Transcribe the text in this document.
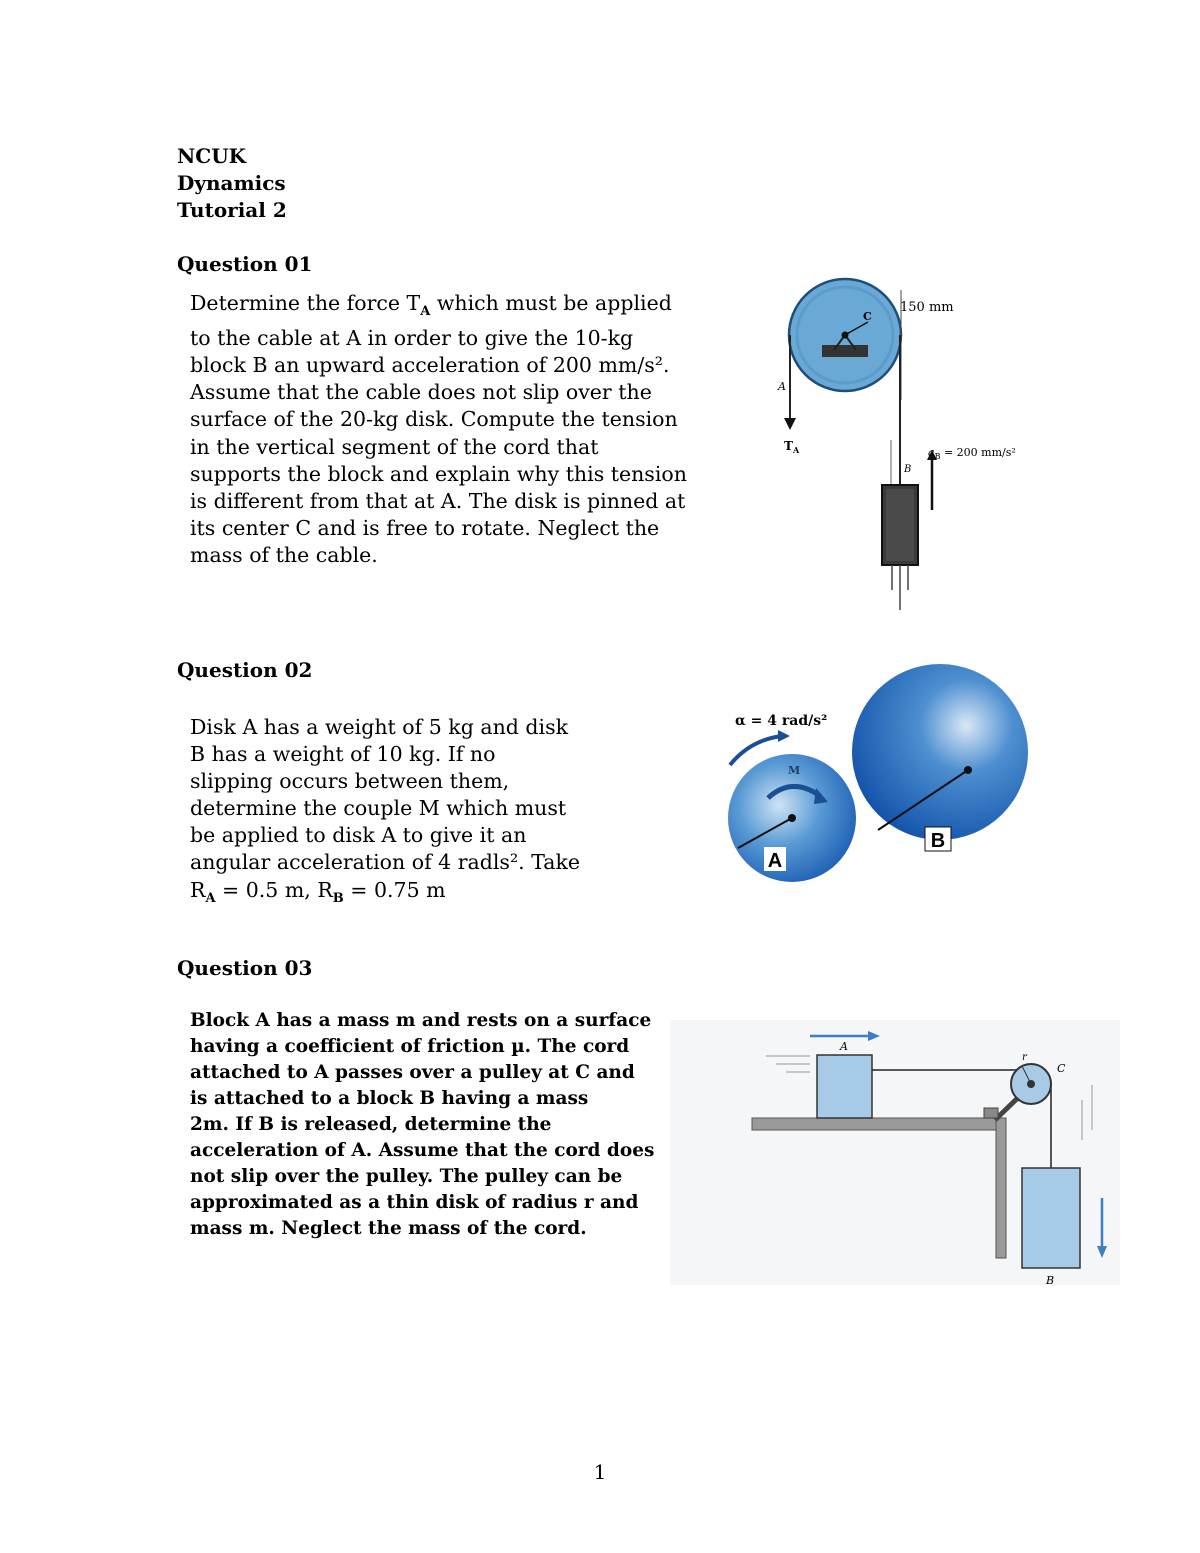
NCUK
Dynamics
Tutorial 2
Question 01
Determine the force $T_A$ which must be applied
to the cable at A in order to give the 10-kg
block B an upward acceleration of 200 mm/s².
Assume that the cable does not slip over the
surface of the 20-kg disk. Compute the tension
in the vertical segment of the cord that
supports the block and explain why this tension
is different from that at A. The disk is pinned at
its center C and is free to rotate. Neglect the
mass of the cable.
C
150 mm
A
$T_A$
B
$a_B = 200$ mm/s²
Question 02
Disk A has a weight of 5 kg and disk
B has a weight of 10 kg. If no
slipping occurs between them,
determine the couple M which must
be applied to disk A to give it an
angular acceleration of 4 radls². Take
$R_A = 0.5$ m, $R_B = 0.75$ m
B
A
M
α = 4 rad/s²
Question 03
Block A has a mass m and rests on a surface
having a coefficient of friction µ. The cord
attached to A passes over a pulley at C and
is attached to a block B having a mass
2m. If B is released, determine the
acceleration of A. Assume that the cord does
not slip over the pulley. The pulley can be
approximated as a thin disk of radius r and
mass m. Neglect the mass of the cord.
A
r
C
B
1
